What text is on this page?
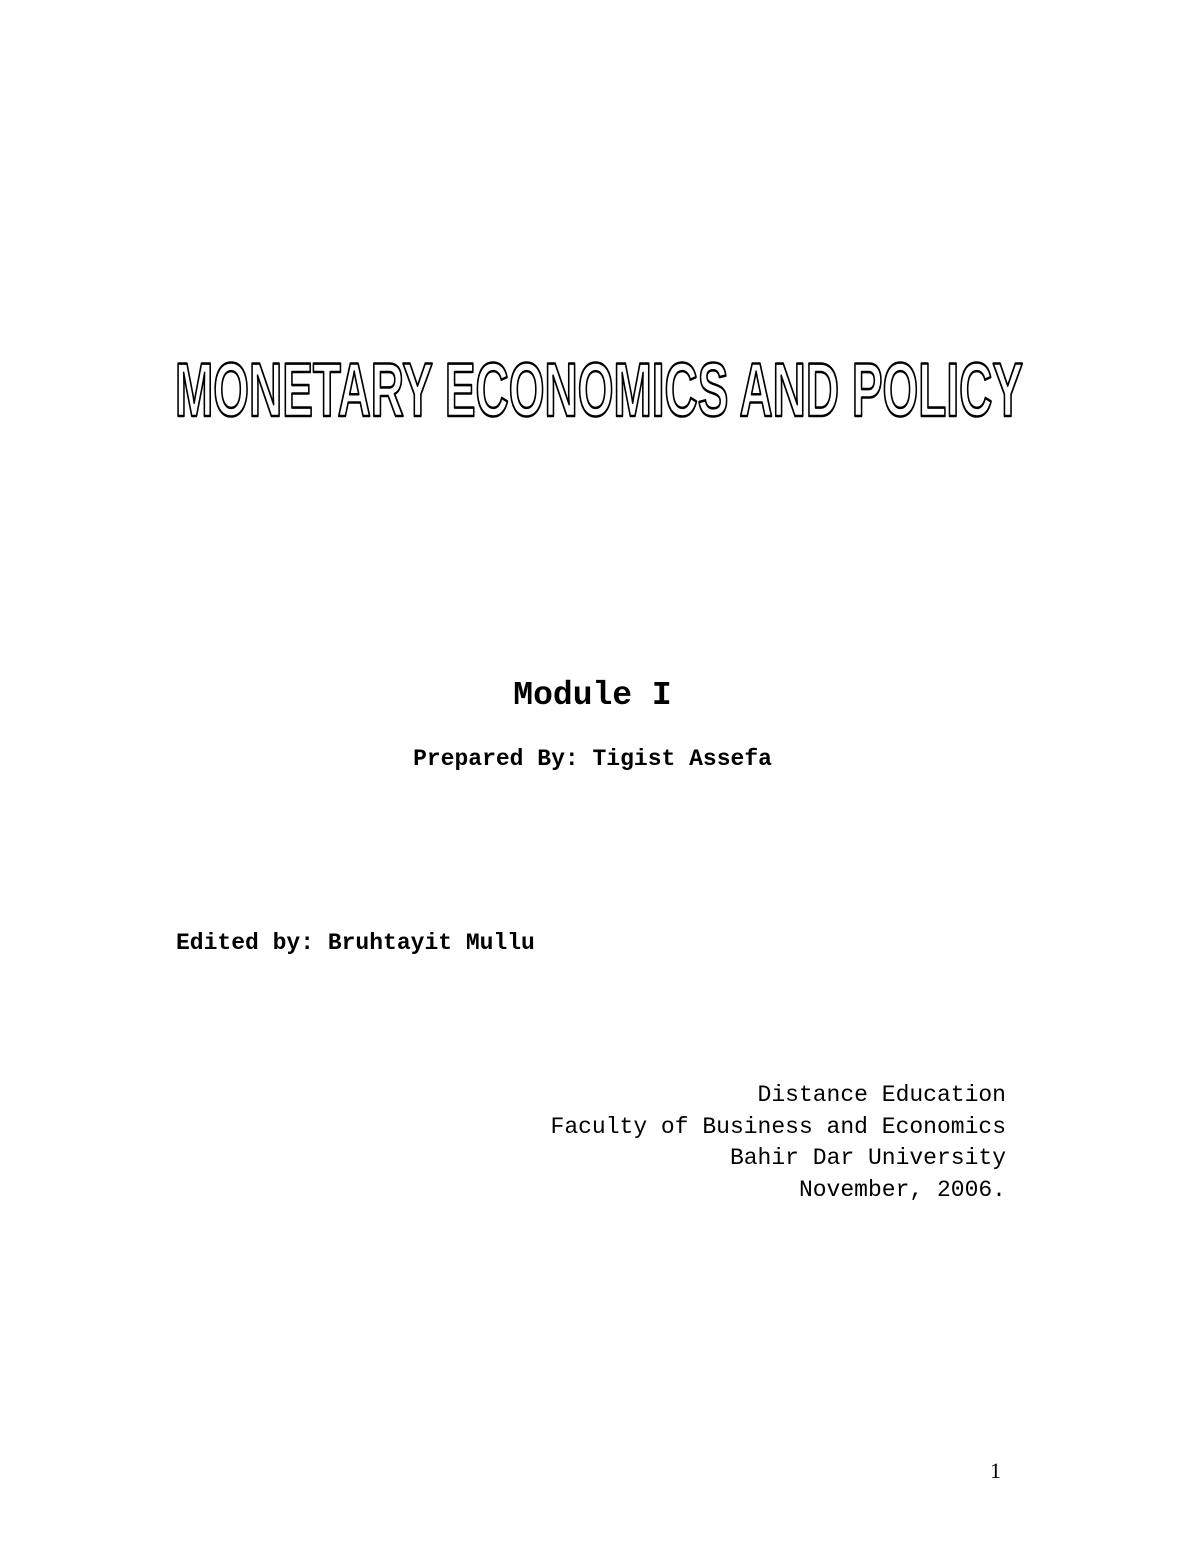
MONETARY ECONOMICS AND POLICY
Module I
Prepared By: Tigist Assefa
Edited by: Bruhtayit Mullu
Distance Education
Faculty of Business and Economics
Bahir Dar University
November, 2006.
1
